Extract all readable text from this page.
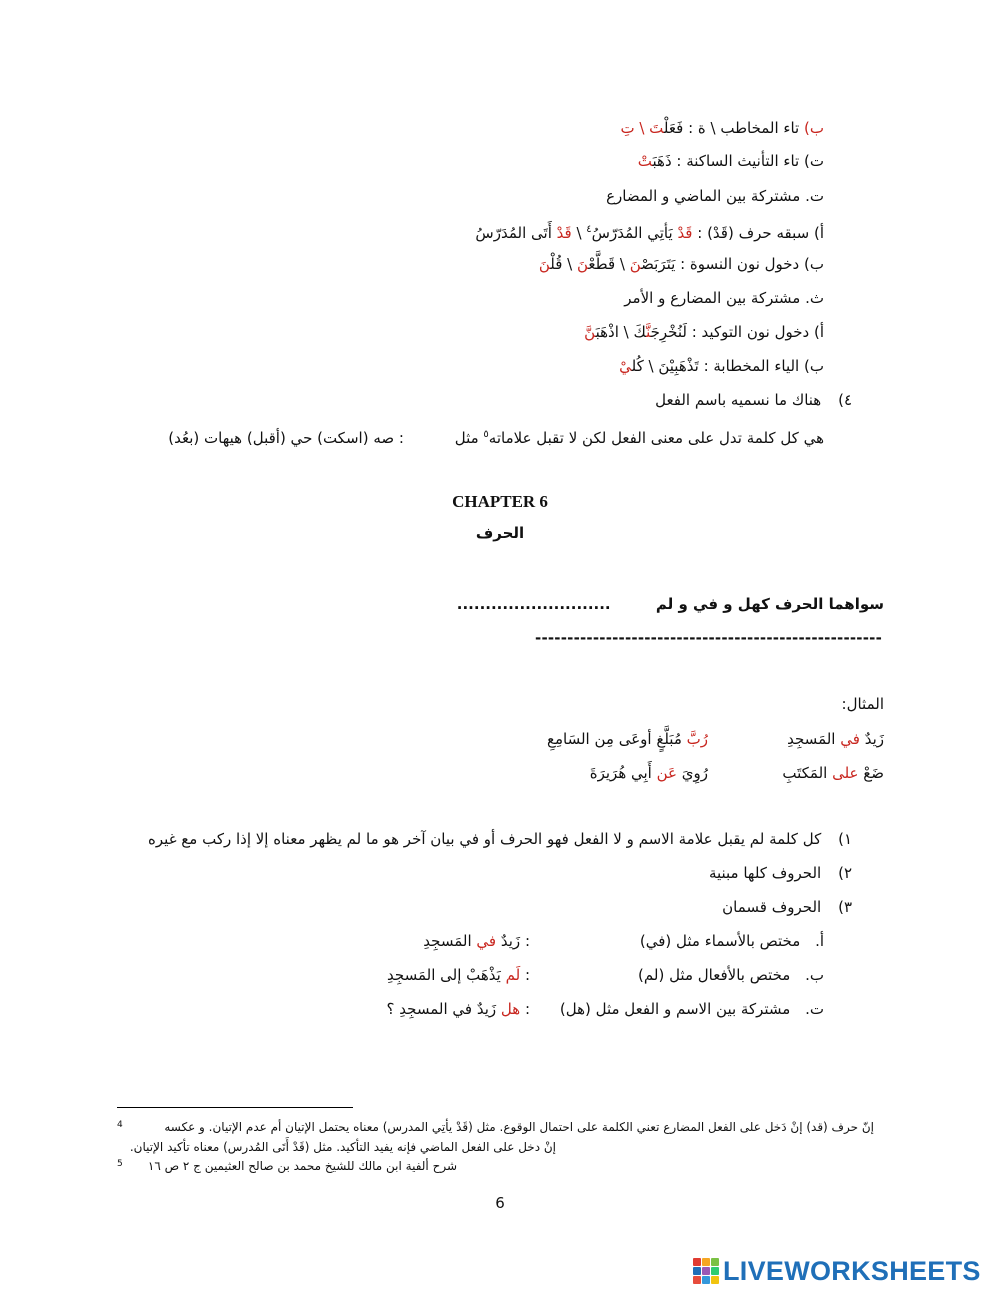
ب) تاء المخاطب \ ة : فَعَلْتَ \ تِ
ت) تاء التأنيث الساكنة : ذَهَبَتْ
ت. مشتركة بين الماضي و المضارع
أ) سبقه حرف (قَدْ) : قَدْ يَأتِي المُدَرّسُ$^٤$ \ قَدْ أَتَى المُدَرّسُ
ب) دخول نون النسوة : يَتَرَبَصْنَ \ قَطَّعْنَ \ قُلْنَ
ث. مشتركة بين المضارع و الأمر
أ) دخول نون التوكيد : لَنُخْرِجَنَّكَ \ اذْهَبَنَّ
ب) الياء المخطابة : تَذْهَبِيْنَ \ كُليْ
٤) هناك ما نسميه باسم الفعل
هي كل كلمة تدل على معنى الفعل لكن لا تقبل علاماته$^٥$ مثل : صه (اسكت) حي (أقبل) هيهات (بعُد)
CHAPTER 6
الحرف
سواهما الحرف كهل و في و لم ...........................
------------------------------------------------------
المثال:
زَيدٌ في المَسجِدِ
رُبَّ مُبَلَّغٍ أوعَى مِن السَامِعِ
ضَعْ على المَكتَبِ
رُوِيَ عَن أَبِي هُرَيرَةَ
١) كل كلمة لم يقبل علامة الاسم و لا الفعل فهو الحرف أو في بيان آخر هو ما لم يظهر معناه إلا إذا ركب مع غيره
٢) الحروف كلها مبنية
٣) الحروف قسمان
أ. مختص بالأسماء مثل (في)
: زَيدٌ في المَسجِدِ
ب. مختص بالأفعال مثل (لم)
: لَم يَذْهَبْ إلى المَسجِدِ
ت. مشتركة بين الاسم و الفعل مثل (هل)
: هل زَيدٌ في المسجِدِ ؟
إنّ حرف (قد) إنْ دَخل على الفعل المضارع تعني الكلمة على احتمال الوقوع. مثل (قَدْ يأتِي المدرس) معناه يحتمل الإتيان أم عدم الإتيان. و عكسه
4
إنْ دخل على الفعل الماضي فإنه يفيد التأكيد. مثل (قَدْ أَتَى المُدرس) معناه تأكيد الإتيان.
شرح ألفية ابن مالك للشيخ محمد بن صالح العثيمين ج ٢ ص ١٦
5
6
LIVEWORKSHEETS
